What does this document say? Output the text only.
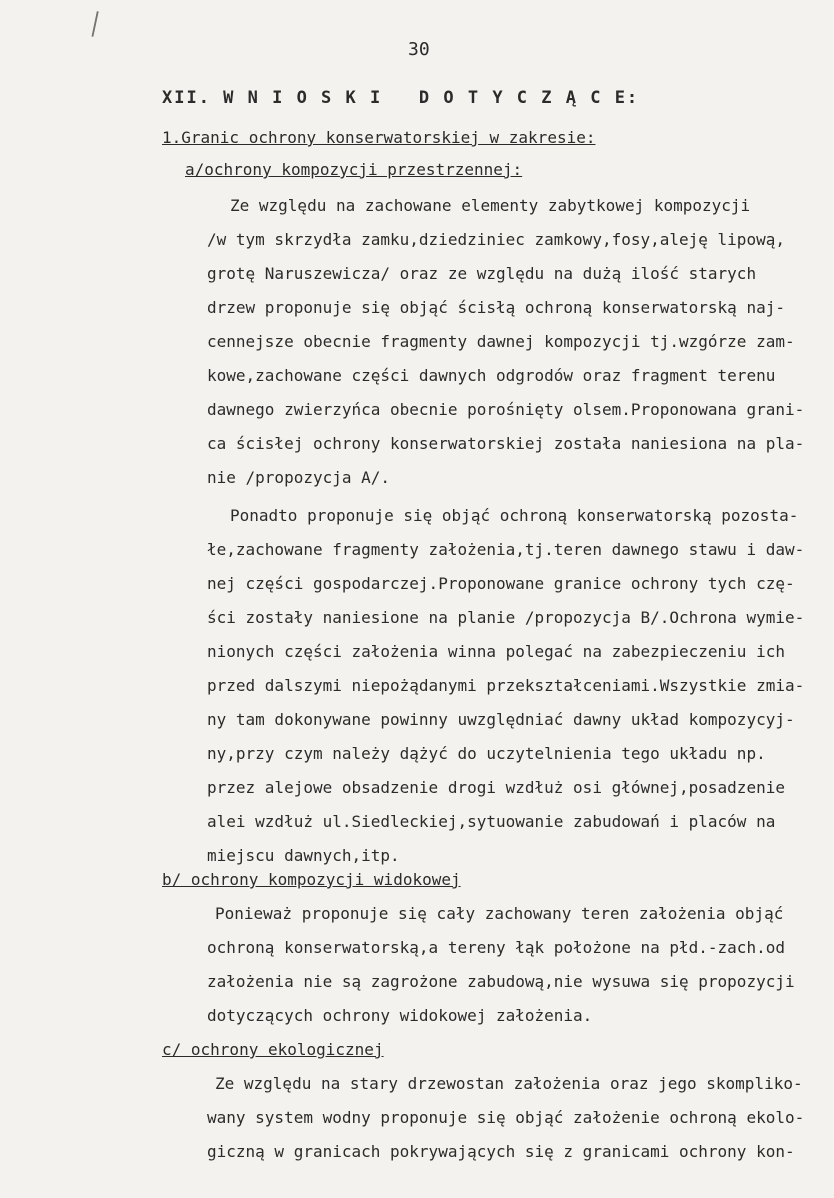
30
XII. W N I O S K I   D O T Y C Z Ą C E:
1.Granic ochrony konserwatorskiej w zakresie:
a/ochrony kompozycji przestrzennej:
Ze względu na zachowane elementy zabytkowej kompozycji
/w tym skrzydła zamku,dziedziniec zamkowy,fosy,aleję lipową,
grotę Naruszewicza/ oraz ze względu na dużą ilość starych
drzew proponuje się objąć ścisłą ochroną konserwatorską naj-
cennejsze obecnie fragmenty dawnej kompozycji tj.wzgórze zam-
kowe,zachowane części dawnych odgrodów oraz fragment terenu
dawnego zwierzyńca obecnie porośnięty olsem.Proponowana grani-
ca ścisłej ochrony konserwatorskiej została naniesiona na pla-
nie /propozycja A/.
Ponadto proponuje się objąć ochroną konserwatorską pozosta-
łe,zachowane fragmenty założenia,tj.teren dawnego stawu i daw-
nej części gospodarczej.Proponowane granice ochrony tych czę-
ści zostały naniesione na planie /propozycja B/.Ochrona wymie-
nionych części założenia winna polegać na zabezpieczeniu ich
przed dalszymi niepożądanymi przekształceniami.Wszystkie zmia-
ny tam dokonywane powinny uwzględniać dawny układ kompozycyj-
ny,przy czym należy dążyć do uczytelnienia tego układu np.
przez alejowe obsadzenie drogi wzdłuż osi głównej,posadzenie
alei wzdłuż ul.Siedleckiej,sytuowanie zabudowań i placów na
miejscu dawnych,itp.
b/ ochrony kompozycji widokowej
Ponieważ proponuje się cały zachowany teren założenia objąć
ochroną konserwatorską,a tereny łąk położone na płd.-zach.od
założenia nie są zagrożone zabudową,nie wysuwa się propozycji
dotyczących ochrony widokowej założenia.
c/ ochrony ekologicznej
Ze względu na stary drzewostan założenia oraz jego skompliko-
wany system wodny proponuje się objąć założenie ochroną ekolo-
giczną w granicach pokrywających się z granicami ochrony kon-
